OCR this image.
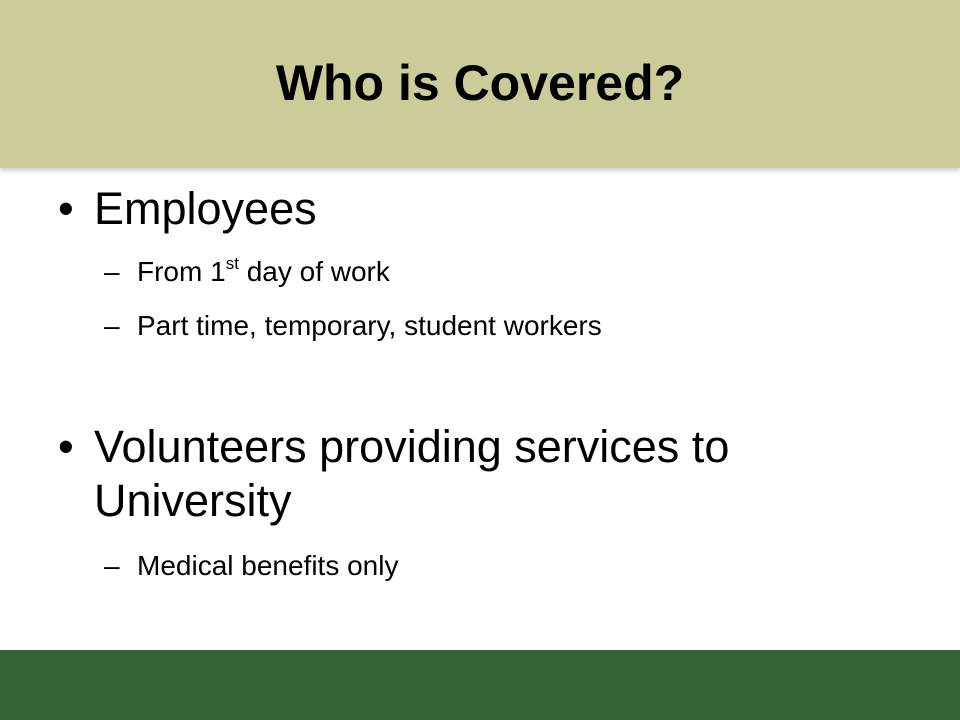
Who is Covered?
• Employees
– From 1st day of work
– Part time, temporary, student workers
• Volunteers providing services to University
– Medical benefits only
